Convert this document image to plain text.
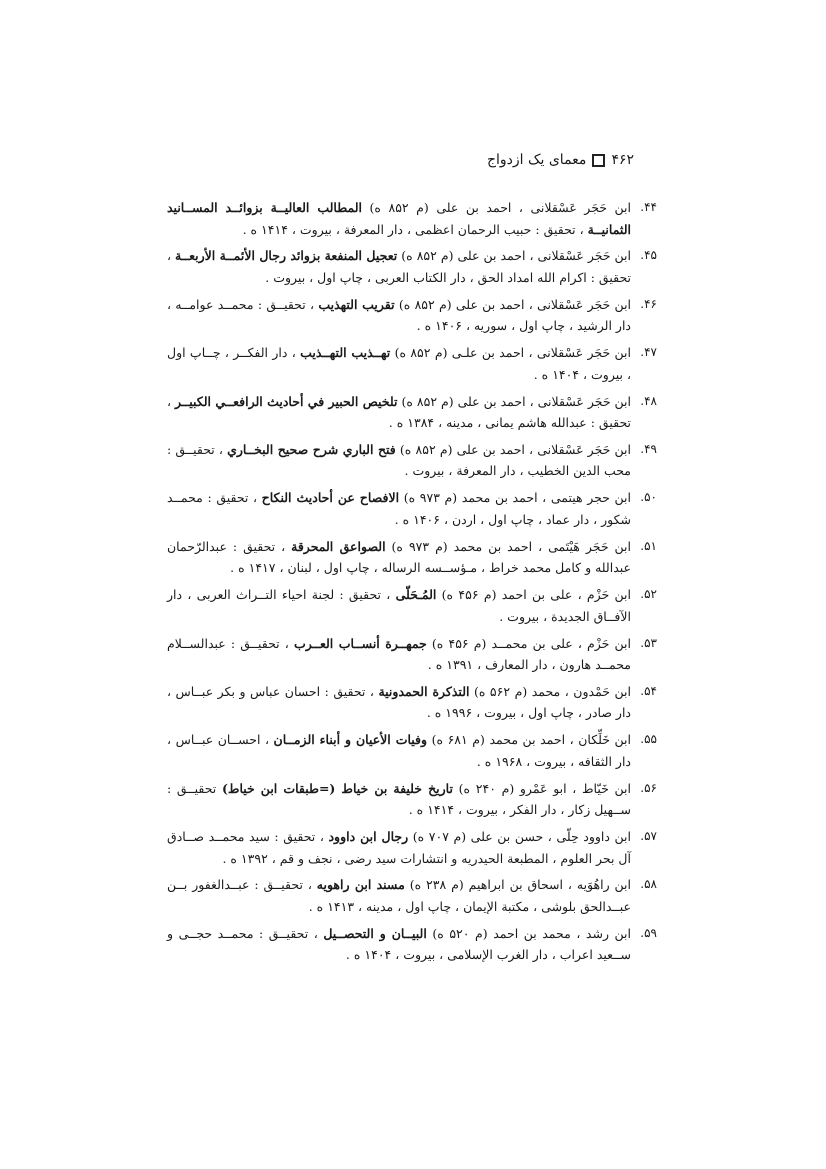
۴۶۲
معمای یک ازدواج
۴۴.
ابن حَجَر عَسْقلانی ، احمد بن علی (م ۸۵۲ ه) المطالب العالیــة بزوائــد المســانید الثمانیــة ، تحقیق : حبیب الرحمان اعظمی ، دار المعرفة ، بیروت ، ۱۴۱۴ ه .
۴۵.
ابن حَجَر عَسْقلانی ، احمد بن علی (م ۸۵۲ ه) تعجیل المنفعة بزوائد رجال الأئمــة الأربعــة ، تحقیق : اکرام الله امداد الحق ، دار الکتاب العربی ، چاپ اول ، بیروت .
۴۶.
ابن حَجَر عَسْقلانی ، احمد بن علی (م ۸۵۲ ه) تقریب التهذیب ، تحقیــق : محمــد عوامــه ، دار الرشید ، چاپ اول ، سوریه ، ۱۴۰۶ ه .
۴۷.
ابن حَجَر عَسْقلانی ، احمد بن علـی (م ۸۵۲ ه) تهــذیب التهــذیب ، دار الفکــر ، چــاپ اول ، بیروت ، ۱۴۰۴ ه .
۴۸.
ابن حَجَر عَسْقلانی ، احمد بن علی (م ۸۵۲ ه) تلخیص الحبیر في أحادیث الرافعــي الکبیــر ، تحقیق : عبدالله هاشم یمانی ، مدینه ، ۱۳۸۴ ه .
۴۹.
ابن حَجَر عَسْقلانی ، احمد بن علی (م ۸۵۲ ه) فتح الباري شرح صحیح البخــاري ، تحقیــق : محب الدین الخطیب ، دار المعرفة ، بیروت .
۵۰.
ابن حجر هیتمی ، احمد بن محمد (م ۹۷۳ ه) الافصاح عن أحادیث النکاح ، تحقیق : محمــد شکور ، دار عماد ، چاپ اول ، اردن ، ۱۴۰۶ ه .
۵۱.
ابن حَجَر هَیْتَمی ، احمد بن محمد (م ۹۷۳ ه) الصواعق المحرقة ، تحقیق : عبدالرّحمان عبدالله و کامل محمد خراط ، مـؤســسه الرساله ، چاپ اول ، لبنان ، ۱۴۱۷ ه .
۵۲.
ابن حَزْم ، علی بن احمد (م ۴۵۶ ه) المُـحَلّی ، تحقیق : لجنة احیاء التــراث العربی ، دار الآفــاق الجدیدة ، بیروت .
۵۳.
ابن حَزْم ، علی بن محمــد (م ۴۵۶ ه) جمهــرة أنســاب العــرب ، تحقیــق : عبدالســلام محمــد هارون ، دار المعارف ، ۱۳۹۱ ه .
۵۴.
ابن حَمْدون ، محمد (م ۵۶۲ ه) التذکرة الحمدونیة ، تحقیق : احسان عباس و بکر عبــاس ، دار صادر ، چاپ اول ، بیروت ، ۱۹۹۶ ه .
۵۵.
ابن خَلِّکان ، احمد بن محمد (م ۶۸۱ ه) وفیات الأعیان و أبناء الزمــان ، احســان عبــاس ، دار الثقافه ، بیروت ، ۱۹۶۸ ه .
۵۶.
ابن خَیّاط ، ابو عَمْرو (م ۲۴۰ ه) تاریخ خلیفة بن خیاط (=طبقات ابن خیاط) تحقیــق : ســهیل زکار ، دار الفکر ، بیروت ، ۱۴۱۴ ه .
۵۷.
ابن داوود حِلّی ، حسن بن علی (م ۷۰۷ ه) رجال ابن داوود ، تحقیق : سید محمــد صــادق آل بحر العلوم ، المطبعة الحیدریه و انتشارات سید رضی ، نجف و قم ، ۱۳۹۲ ه .
۵۸.
ابن راهُوَیه ، اسحاق بن ابراهیم (م ۲۳۸ ه) مسند ابن راهویه ، تحقیــق : عبــدالغفور بــن عبــدالحق بلوشی ، مکتبة الإیمان ، چاپ اول ، مدینه ، ۱۴۱۳ ه .
۵۹.
ابن رشد ، محمد بن احمد (م ۵۲۰ ه) البیــان و التحصــیل ، تحقیــق : محمــد حجــی و ســعید اعراب ، دار الغرب الإسلامی ، بیروت ، ۱۴۰۴ ه .
